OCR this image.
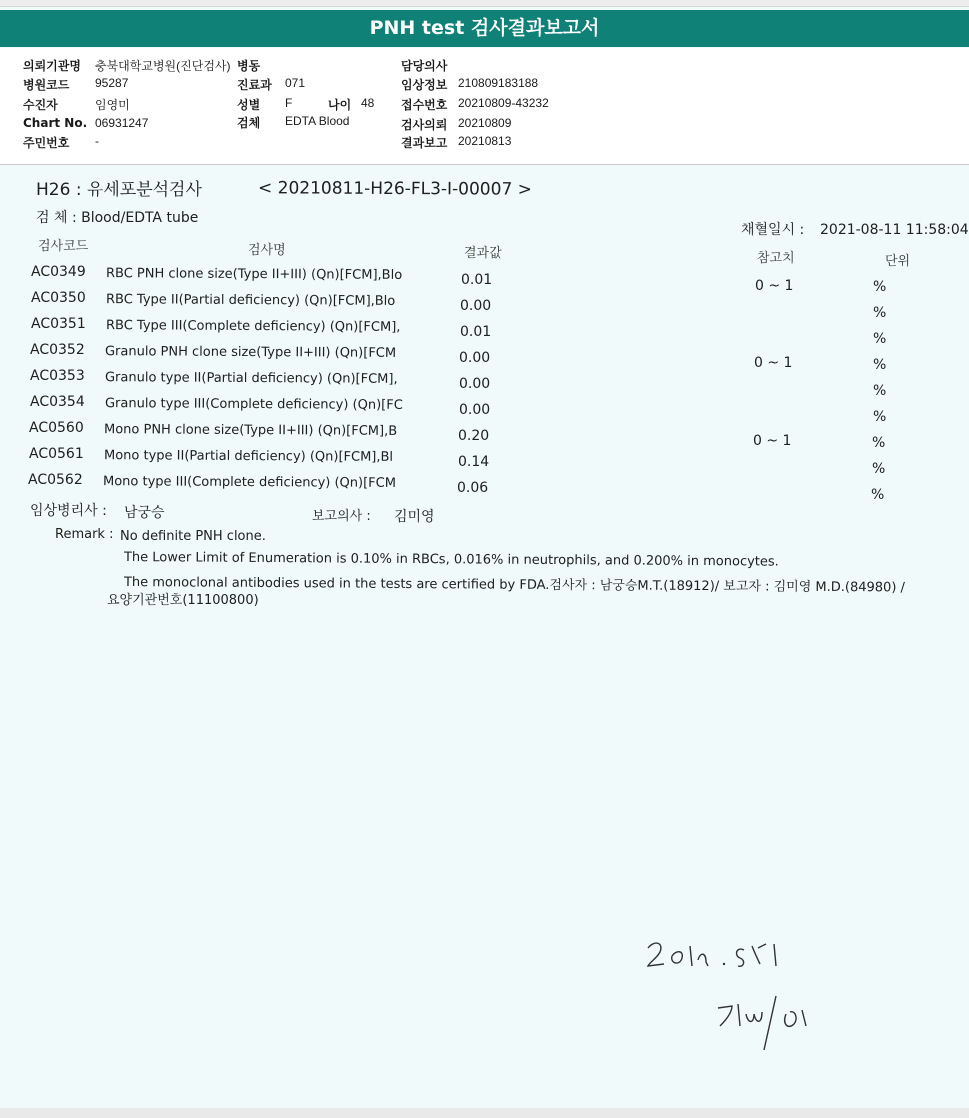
PNH test 검사결과보고서
의뢰기관명 충북대학교병원(진단검사) 병동	담당의사
병원코드 95287	진료과 071	임상정보 210809183188
수진자	임영미	성별 F	나이 48 접수번호 20210809-43232
Chart No. 06931247	검체 EDTA Blood	검사의뢰 20210809
주민번호 -	결과보고 20210813
H26 : 유세포분석검사	< 20210811-H26-FL3-I-00007 >
검 체 : Blood/EDTA tube
채혈일시 : 2021-08-11 11:58:04
검사코드	검사명	결과값	참고치	단위
AC0349 RBC PNH clone size(Type II+III) (Qn)[FCM],Blo	0.01	0 ~ 1	%
AC0350 RBC Type II(Partial deficiency) (Qn)[FCM],Blo	0.00	%
AC0351 RBC Type III(Complete deficiency) (Qn)[FCM],	0.01	%
AC0352 Granulo PNH clone size(Type II+III) (Qn)[FCM	0.00	0 ~ 1	%
AC0353 Granulo type II(Partial deficiency) (Qn)[FCM],	0.00	%
AC0354 Granulo type III(Complete deficiency) (Qn)[FC	0.00	%
AC0560 Mono PNH clone size(Type II+III) (Qn)[FCM],B	0.20	0 ~ 1	%
AC0561 Mono type II(Partial deficiency) (Qn)[FCM],Bl	0.14	%
AC0562 Mono type III(Complete deficiency) (Qn)[FCM	0.06	%
임상병리사 : 남궁승	보고의사 : 김미영
Remark : No definite PNH clone.
The Lower Limit of Enumeration is 0.10% in RBCs, 0.016% in neutrophils, and 0.200% in monocytes.
The monoclonal antibodies used in the tests are certified by FDA.검사자 : 남궁승M.T.(18912)/ 보고자 : 김미영 M.D.(84980) /
요양기관번호(11100800)
